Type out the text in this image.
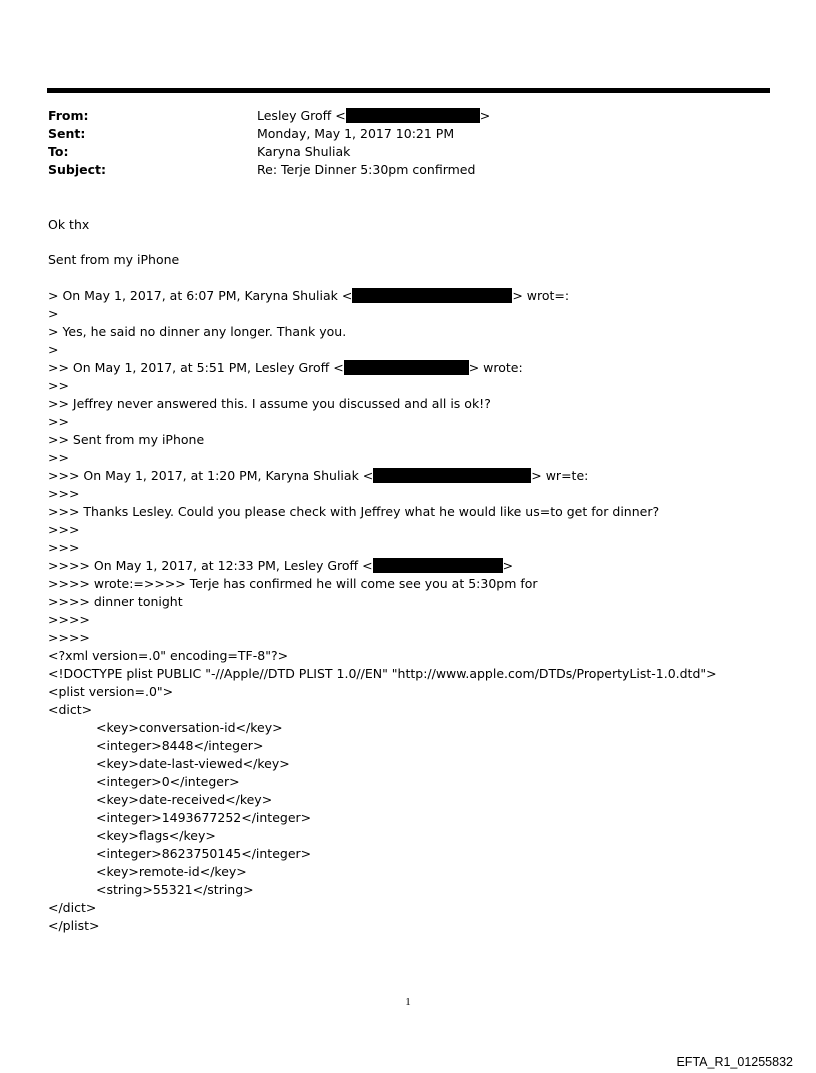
From:	Lesley Groff <	>
Sent:	Monday, May 1, 2017 10:21 PM
To:	Karyna Shuliak
Subject:	Re: Terje Dinner 5:30pm confirmed
Ok thx
Sent from my iPhone
> On May 1, 2017, at 6:07 PM, Karyna Shuliak <	> wrot=:
>
> Yes, he said no dinner any longer. Thank you.
>
>> On May 1, 2017, at 5:51 PM, Lesley Groff <	> wrote:
>>
>> Jeffrey never answered this. I assume you discussed and all is ok!?
>>
>> Sent from my iPhone
>>
>>> On May 1, 2017, at 1:20 PM, Karyna Shuliak <	> wr=te:
>>>
>>> Thanks Lesley. Could you please check with Jeffrey what he would like us=to get for dinner?
>>>
>>>
>>>> On May 1, 2017, at 12:33 PM, Lesley Groff <	>
>>>> wrote:=>>>> Terje has confirmed he will come see you at 5:30pm for
>>>> dinner tonight
>>>>
>>>>
<?xml version=.0" encoding=TF-8"?>
<!DOCTYPE plist PUBLIC "-//Apple//DTD PLIST 1.0//EN" "http://www.apple.com/DTDs/PropertyList-1.0.dtd">
<plist version=.0">
<dict>
<key>conversation-id</key>
<integer>8448</integer>
<key>date-last-viewed</key>
<integer>0</integer>
<key>date-received</key>
<integer>1493677252</integer>
<key>flags</key>
<integer>8623750145</integer>
<key>remote-id</key>
<string>55321</string>
</dict>
</plist>
1
EFTA_R1_01255832
